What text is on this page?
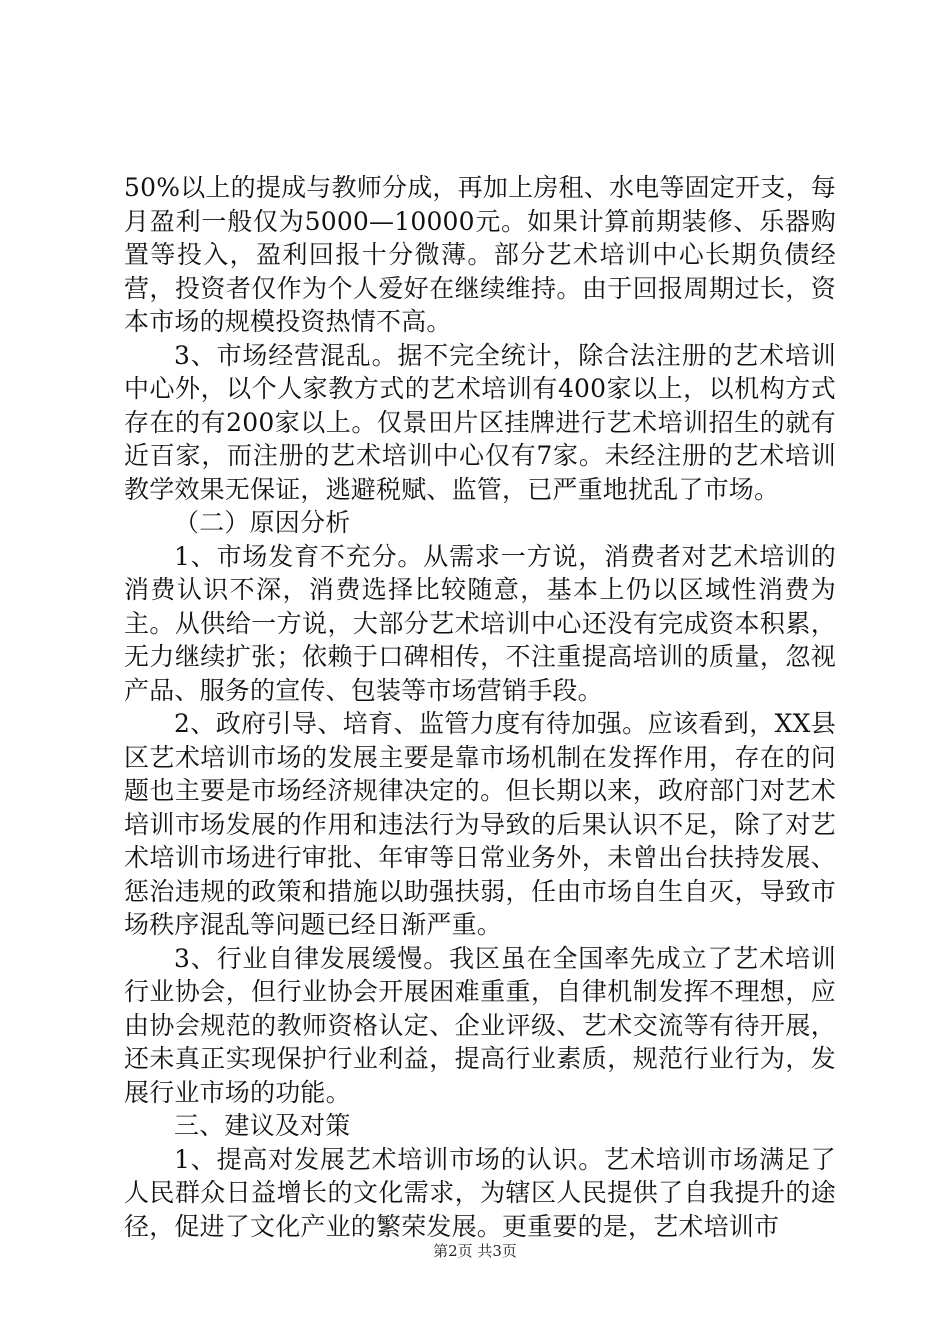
50%以上的提成与教师分成，再加上房租、水电等固定开支，每月盈利一般仅为5000—10000元。如果计算前期装修、乐器购置等投入，盈利回报十分微薄。部分艺术培训中心长期负债经营，投资者仅作为个人爱好在继续维持。由于回报周期过长，资本市场的规模投资热情不高。

3、市场经营混乱。据不完全统计，除合法注册的艺术培训中心外，以个人家教方式的艺术培训有400家以上，以机构方式存在的有200家以上。仅景田片区挂牌进行艺术培训招生的就有近百家，而注册的艺术培训中心仅有7家。未经注册的艺术培训教学效果无保证，逃避税赋、监管，已严重地扰乱了市场。

（二）原因分析

1、市场发育不充分。从需求一方说，消费者对艺术培训的消费认识不深，消费选择比较随意，基本上仍以区域性消费为主。从供给一方说，大部分艺术培训中心还没有完成资本积累，无力继续扩张；依赖于口碑相传，不注重提高培训的质量，忽视产品、服务的宣传、包装等市场营销手段。

2、政府引导、培育、监管力度有待加强。应该看到，XX县区艺术培训市场的发展主要是靠市场机制在发挥作用，存在的问题也主要是市场经济规律决定的。但长期以来，政府部门对艺术培训市场发展的作用和违法行为导致的后果认识不足，除了对艺术培训市场进行审批、年审等日常业务外，未曾出台扶持发展、惩治违规的政策和措施以助强扶弱，任由市场自生自灭，导致市场秩序混乱等问题已经日渐严重。

3、行业自律发展缓慢。我区虽在全国率先成立了艺术培训行业协会，但行业协会开展困难重重，自律机制发挥不理想，应由协会规范的教师资格认定、企业评级、艺术交流等有待开展，还未真正实现保护行业利益，提高行业素质，规范行业行为，发展行业市场的功能。

三、建议及对策

1、提高对发展艺术培训市场的认识。艺术培训市场满足了人民群众日益增长的文化需求，为辖区人民提供了自我提升的途径，促进了文化产业的繁荣发展。更重要的是，艺术培训市

第2页 共3页
